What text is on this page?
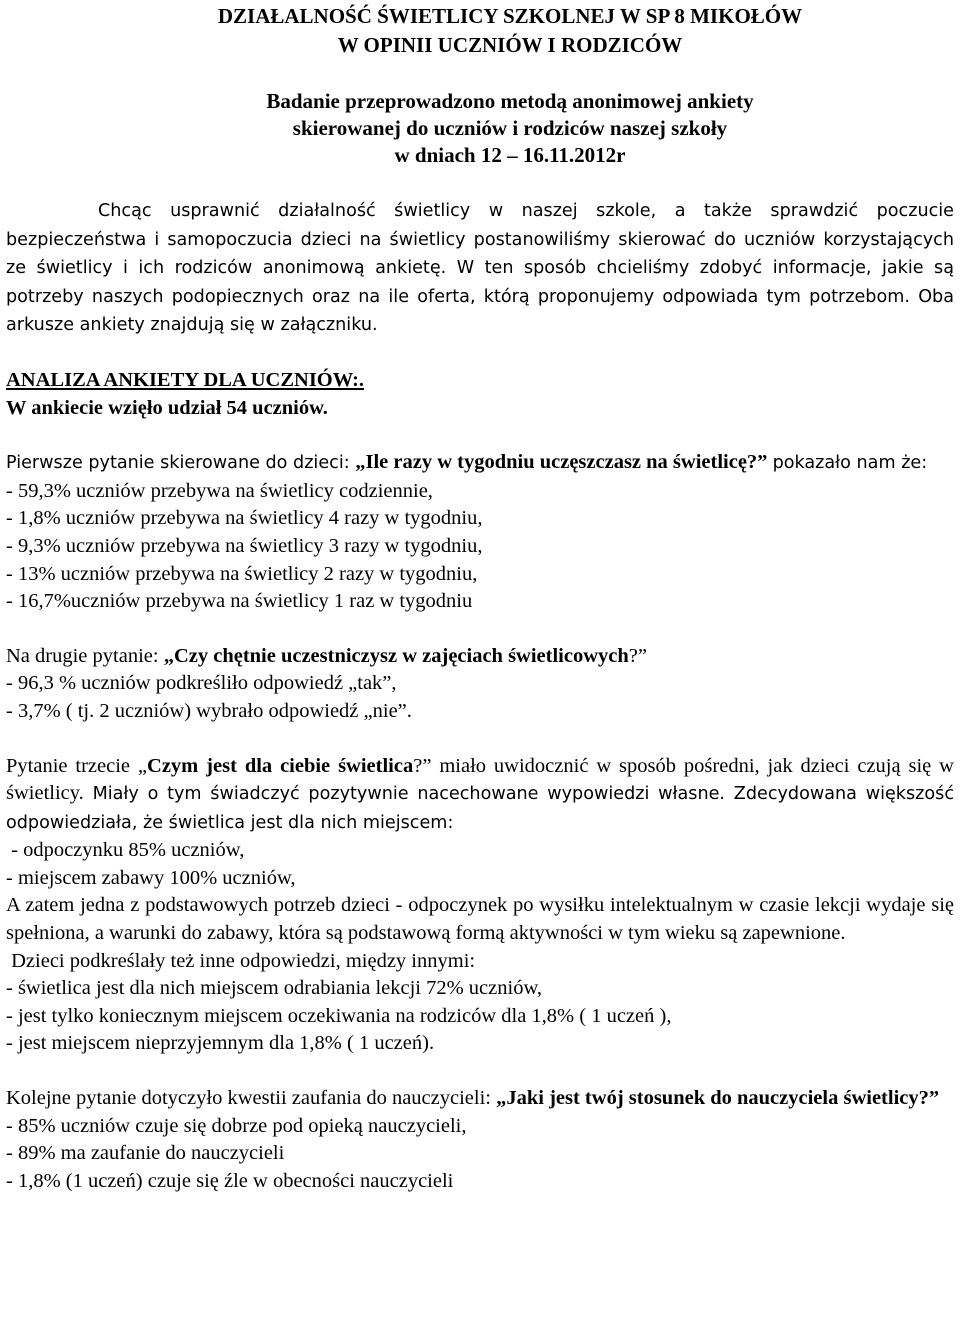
DZIAŁALNOŚĆ ŚWIETLICY SZKOLNEJ W SP 8 MIKOŁÓW
W OPINII UCZNIÓW I RODZICÓW
Badanie przeprowadzono metodą anonimowej ankiety
skierowanej do uczniów i rodziców naszej szkoły
w dniach 12 – 16.11.2012r

Chcąc usprawnić działalność świetlicy w naszej szkole, a także sprawdzić poczucie bezpieczeństwa i samopoczucia dzieci na świetlicy postanowiliśmy skierować do uczniów korzystających ze świetlicy i ich rodziców anonimową ankietę. W ten sposób chcieliśmy zdobyć informacje, jakie są potrzeby naszych podopiecznych oraz na ile oferta, którą proponujemy odpowiada tym potrzebom. Oba arkusze ankiety znajdują się w załączniku.

ANALIZA ANKIETY DLA UCZNIÓW:.

W ankiecie wzięło udział 54 uczniów.

Pierwsze pytanie skierowane do dzieci: „Ile razy w tygodniu uczęszczasz na świetlicę?” pokazało nam że:

- 59,3% uczniów przebywa na świetlicy codziennie,

- 1,8% uczniów przebywa na świetlicy 4 razy w tygodniu,

- 9,3% uczniów przebywa na świetlicy 3 razy w tygodniu,

- 13% uczniów przebywa na świetlicy 2 razy w tygodniu,

- 16,7%uczniów przebywa na świetlicy 1 raz w tygodniu

Na drugie pytanie: „Czy chętnie uczestniczysz w zajęciach świetlicowych?”

- 96,3 % uczniów podkreśliło odpowiedź „tak”,

- 3,7% ( tj. 2 uczniów) wybrało odpowiedź „nie”.

Pytanie trzecie „Czym jest dla ciebie świetlica?” miało uwidocznić w sposób pośredni, jak dzieci czują się w świetlicy. Miały o tym świadczyć pozytywnie nacechowane wypowiedzi własne. Zdecydowana większość odpowiedziała, że świetlica jest dla nich miejscem:

- odpoczynku 85% uczniów,

- miejscem zabawy 100% uczniów,

A zatem jedna z podstawowych potrzeb dzieci - odpoczynek po wysiłku intelektualnym w czasie lekcji wydaje się spełniona, a warunki do zabawy, która są podstawową formą aktywności w tym wieku są zapewnione.

Dzieci podkreślały też inne odpowiedzi, między innymi:

- świetlica jest dla nich miejscem odrabiania lekcji 72% uczniów,

- jest tylko koniecznym miejscem oczekiwania na rodziców dla 1,8% ( 1 uczeń ),

- jest miejscem nieprzyjemnym dla 1,8% ( 1 uczeń).

Kolejne pytanie dotyczyło kwestii zaufania do nauczycieli: „Jaki jest twój stosunek do nauczyciela świetlicy?”

- 85% uczniów czuje się dobrze pod opieką nauczycieli,

- 89% ma zaufanie do nauczycieli

- 1,8% (1 uczeń) czuje się źle w obecności nauczycieli
